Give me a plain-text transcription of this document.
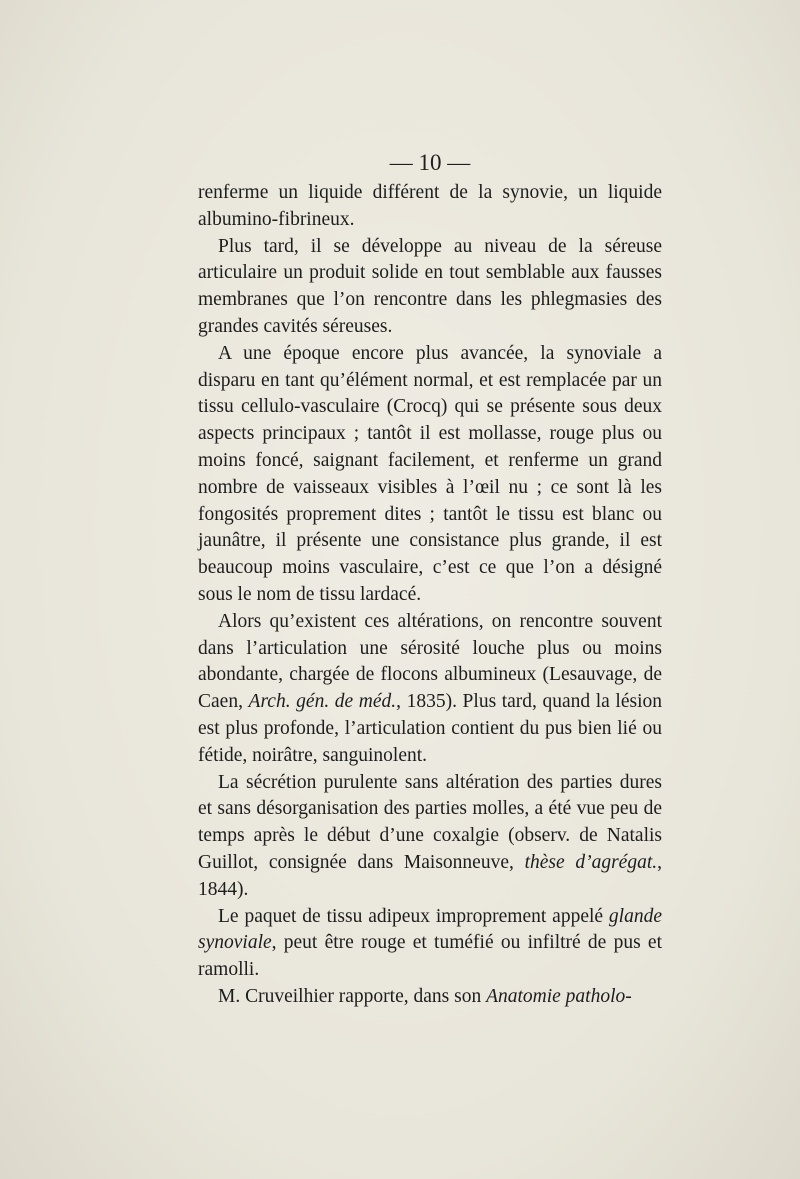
— 10 —

renferme un liquide différent de la synovie, un liquide albumino-fibrineux.

Plus tard, il se développe au niveau de la séreuse articulaire un produit solide en tout semblable aux fausses membranes que l’on rencontre dans les phlegmasies des grandes cavités séreuses.

A une époque encore plus avancée, la synoviale a disparu en tant qu’élément normal, et est remplacée par un tissu cellulo-vasculaire (Crocq) qui se présente sous deux aspects principaux ; tantôt il est mollasse, rouge plus ou moins foncé, saignant facilement, et renferme un grand nombre de vaisseaux visibles à l’œil nu ; ce sont là les fongosités proprement dites ; tantôt le tissu est blanc ou jaunâtre, il présente une consistance plus grande, il est beaucoup moins vasculaire, c’est ce que l’on a désigné sous le nom de tissu lardacé.

Alors qu’existent ces altérations, on rencontre souvent dans l’articulation une sérosité louche plus ou moins abondante, chargée de flocons albumineux (Lesauvage, de Caen, Arch. gén. de méd., 1835). Plus tard, quand la lésion est plus profonde, l’articulation contient du pus bien lié ou fétide, noirâtre, sanguinolent.

La sécrétion purulente sans altération des parties dures et sans désorganisation des parties molles, a été vue peu de temps après le début d’une coxalgie (observ. de Natalis Guillot, consignée dans Maisonneuve, thèse d’agrégat., 1844).

Le paquet de tissu adipeux improprement appelé glande synoviale, peut être rouge et tuméfié ou infiltré de pus et ramolli.

M. Cruveilhier rapporte, dans son Anatomie patholo-
